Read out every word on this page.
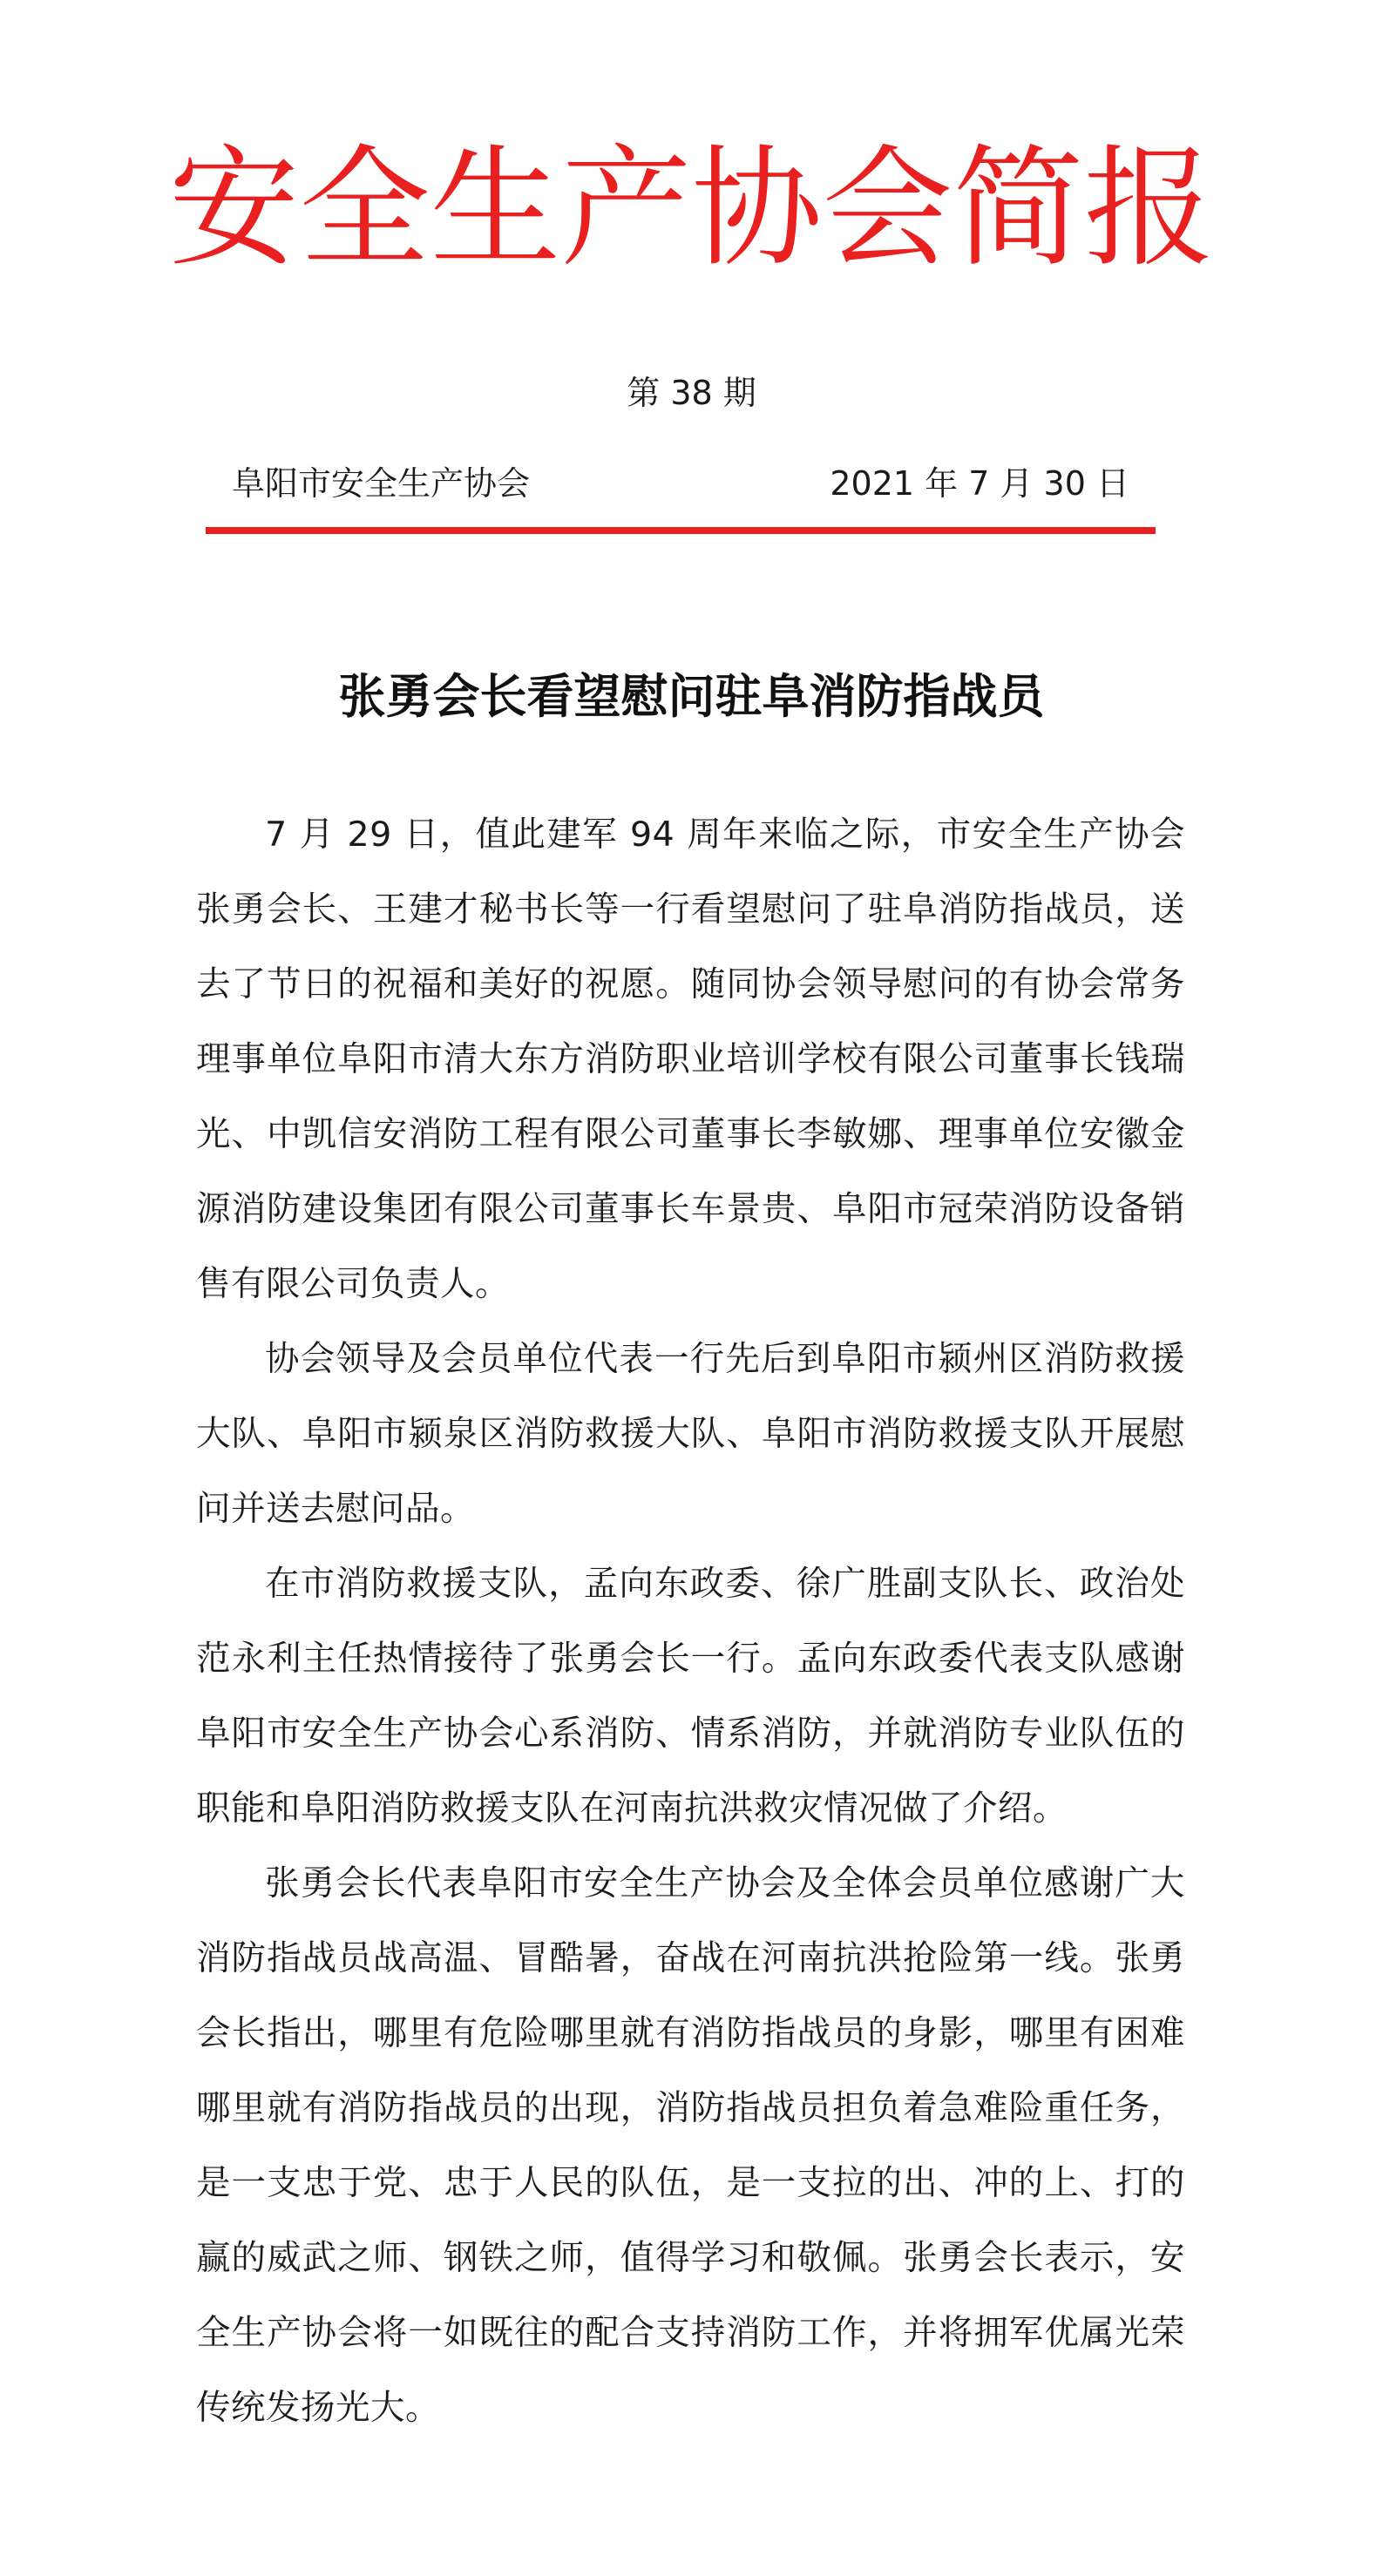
安全生产协会简报
第 38 期
阜阳市安全生产协会	2021 年 7 月 30 日
张勇会长看望慰问驻阜消防指战员

7 月 29 日，值此建军 94 周年来临之际，市安全生产协会张勇会长、王建才秘书长等一行看望慰问了驻阜消防指战员，送去了节日的祝福和美好的祝愿。随同协会领导慰问的有协会常务理事单位阜阳市清大东方消防职业培训学校有限公司董事长钱瑞光、中凯信安消防工程有限公司董事长李敏娜、理事单位安徽金源消防建设集团有限公司董事长车景贵、阜阳市冠荣消防设备销售有限公司负责人。

协会领导及会员单位代表一行先后到阜阳市颍州区消防救援大队、阜阳市颍泉区消防救援大队、阜阳市消防救援支队开展慰问并送去慰问品。

在市消防救援支队，孟向东政委、徐广胜副支队长、政治处范永利主任热情接待了张勇会长一行。孟向东政委代表支队感谢阜阳市安全生产协会心系消防、情系消防，并就消防专业队伍的职能和阜阳消防救援支队在河南抗洪救灾情况做了介绍。

张勇会长代表阜阳市安全生产协会及全体会员单位感谢广大消防指战员战高温、冒酷暑，奋战在河南抗洪抢险第一线。张勇会长指出，哪里有危险哪里就有消防指战员的身影，哪里有困难哪里就有消防指战员的出现，消防指战员担负着急难险重任务，是一支忠于党、忠于人民的队伍，是一支拉的出、冲的上、打的赢的威武之师、钢铁之师，值得学习和敬佩。张勇会长表示，安全生产协会将一如既往的配合支持消防工作，并将拥军优属光荣传统发扬光大。
